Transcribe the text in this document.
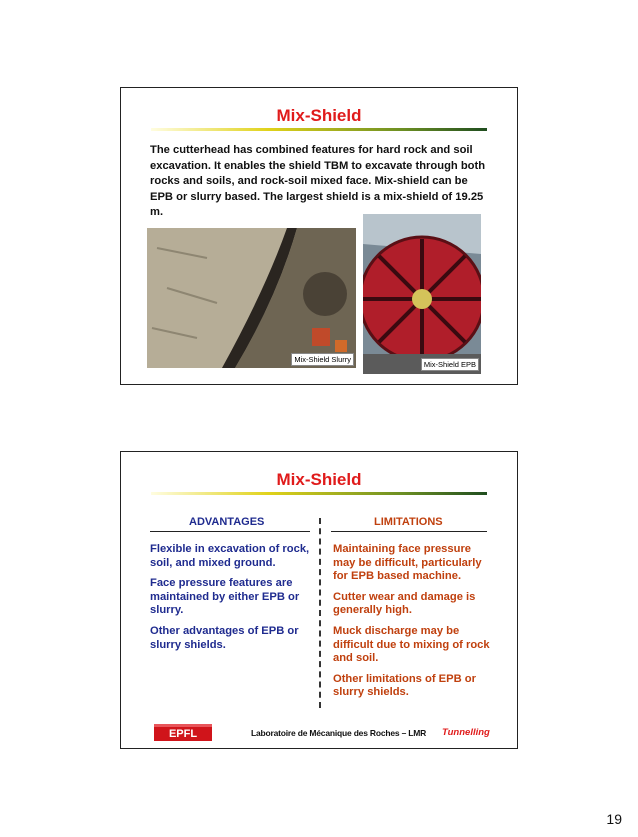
Mix-Shield
The cutterhead has combined features for hard rock and soil excavation. It enables the shield TBM to excavate through both rocks and soils, and rock-soil mixed face. Mix-shield can be EPB or slurry based. The largest shield is a mix-shield of 19.25 m.
Mix-Shield Slurry
Mix-Shield EPB
Mix-Shield
ADVANTAGES	LIMITATIONS

Flexible in excavation of rock, soil, and mixed ground.

Face pressure features are maintained by either EPB or slurry.

Other advantages of EPB or slurry shields.

Maintaining face pressure may be difficult, particularly for EPB based machine.

Cutter wear and damage is generally high.

Muck discharge may be difficult due to mixing of rock and soil.

Other limitations of EPB or slurry shields.

EPFL	Laboratoire de Mécanique des Roches – LMR Tunnelling
19
